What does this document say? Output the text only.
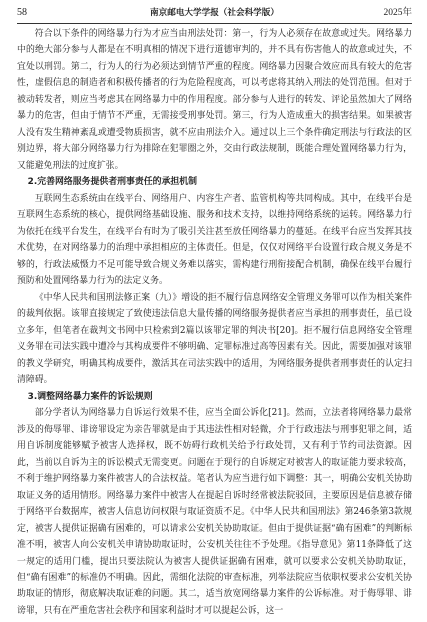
58	南京邮电大学学报（社会科学版）	2025年

符合以下条件的网络暴力行为才应当由刑法处罚：第一，行为人必须存在故意或过失。网络暴力中的绝大部分参与人都是在不明真相的情况下进行道德审判的，并不具有伤害他人的故意或过失，不宜处以刑罚。第二，行为人的行为必须达到情节严重的程度。网络暴力因聚合效应而具有较大的危害性，虚假信息的制造者和积极传播者的行为危险程度高，可以考虑将其纳入刑法的处罚范围。但对于被动转发者，则应当考虑其在网络暴力中的作用程度。部分参与人进行的转发、评论虽然加大了网络暴力的危害，但由于情节不严重，无需接受刑事处罚。第三，行为人造成重大的损害结果。如果被害人没有发生精神紊乱或遭受物质损害，就不应由刑法介入。通过以上三个条件确定刑法与行政法的区别边界，将大部分网络暴力行为排除在犯罪圈之外，交由行政法规制，既能合理处置网络暴力行为，又能避免刑法的过度扩张。

2.完善网络服务提供者刑事责任的承担机制

互联网生态系统由在线平台、网络用户、内容生产者、监管机构等共同构成。其中，在线平台是互联网生态系统的核心，提供网络基础设施、服务和技术支持，以维持网络系统的运转。网络暴力行为依托在线平台发生，在线平台有时为了吸引关注甚至放任网络暴力的蔓延。在线平台应当发挥其技术优势，在对网络暴力的治理中承担相应的主体责任。但是，仅仅对网络平台设置行政合规义务是不够的，行政法威慑力不足可能导致合规义务难以落实，需构建行刑衔接配合机制，确保在线平台履行预防和处置网络暴力行为的法定义务。

《中华人民共和国刑法修正案（九）》增设的拒不履行信息网络安全管理义务罪可以作为相关案件的裁判依据。该罪直接规定了致使违法信息大量传播的网络服务提供者应当承担的刑事责任，虽已设立多年，但笔者在裁判文书网中只检索到2篇以该罪定罪的判决书[20]。拒不履行信息网络安全管理义务罪在司法实践中遭冷与其构成要件不够明确、定罪标准过高等因素有关。因此，需要加强对该罪的教义学研究，明确其构成要件，激活其在司法实践中的适用，为网络服务提供者刑事责任的认定扫清障碍。

3.调整网络暴力案件的诉讼规则

部分学者认为网络暴力自诉运行效果不佳，应当全面公诉化[21]。然而，立法者将网络暴力最常涉及的侮辱罪、诽谤罪设定为亲告罪就是由于其违法性相对轻微，介于行政违法与刑事犯罪之间，适用自诉制度能够赋予被害人选择权，既不妨碍行政机关给予行政处罚，又有利于节约司法资源。因此，当前以自诉为主的诉讼模式无需变更。问题在于现行的自诉规定对被害人的取证能力要求较高，不利于维护网络暴力案件被害人的合法权益。笔者认为应当进行如下调整：其一，明确公安机关协助取证义务的适用情形。网络暴力案件中被害人在提起自诉时经常被法院驳回，主要原因是信息被存储于网络平台数据库，被害人信息访问权限与取证资质不足。《中华人民共和国刑法》第246条第3款规定，被害人提供证据确有困难的，可以请求公安机关协助取证。但由于提供证据“确有困难”的判断标准不明，被害人向公安机关申请协助取证时，公安机关往往不予处理。《指导意见》第11条降低了这一规定的适用门槛，提出只要法院认为被害人提供证据确有困难，就可以要求公安机关协助取证，但“确有困难”的标准仍不明确。因此，需细化法院的审查标准，列举法院应当依职权要求公安机关协助取证的情形，彻底解决取证难的问题。其二，适当放宽网络暴力案件的公诉标准。对于侮辱罪、诽谤罪，只有在严重危害社会秩序和国家利益时才可以提起公诉，这一
